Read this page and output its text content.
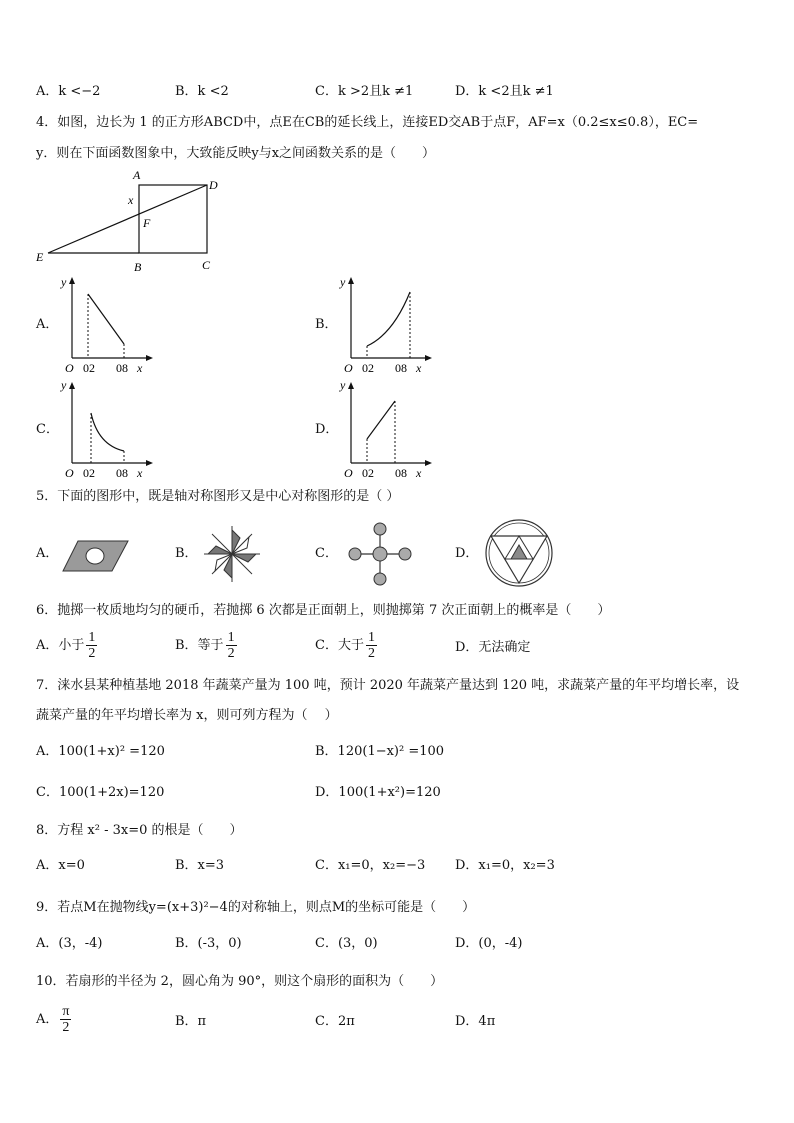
A．k <−2	B．k <2	C．k >2且k ≠1	D．k <2且k ≠1
4．如图，边长为 1 的正方形ABCD中，点E在CB的延长线上，连接ED交AB于点F，AF=x（0.2≤x≤0.8），EC=
y．则在下面函数图象中，大致能反映y与x之间函数关系的是（　　）
A
D
x
F
E
B	C
A．	B．
C．	D．
y
O 02 08 x
y
O 02 08 x
y
O 02 08 x
y
O 02 08 x
5．下面的图形中，既是轴对称图形又是中心对称图形的是（ ）
A．	B．	C．	D．
6．抛掷一枚质地均匀的硬币，若抛掷 6 次都是正面朝上，则抛掷第 7 次正面朝上的概率是（　　）
A．小于 $\frac{1}{2}$	B．等于 $\frac{1}{2}$	C．大于 $\frac{1}{2}$	D．无法确定
7．涞水县某种植基地 2018 年蔬菜产量为 100 吨，预计 2020 年蔬菜产量达到 120 吨，求蔬菜产量的年平均增长率，设
蔬菜产量的年平均增长率为 x，则可列方程为（　 ）
A．100(1+x)² =120	B．120(1−x)² =100
C．100(1+2x)=120	D．100(1+x²)=120
8．方程 x² - 3x=0 的根是（　　）
A．x=0	B．x=3	C．x₁=0，x₂=−3 D．x₁=0，x₂=3
9．若点M在抛物线y=(x+3)²−4的对称轴上，则点M的坐标可能是（　　）
A．(3，-4)	B．(-3，0)	C．(3，0)	D．(0，-4)
10．若扇形的半径为 2，圆心角为 90°，则这个扇形的面积为（　　）
A． $\frac{\pi}{2}$	B．π	C．2π	D．4π
